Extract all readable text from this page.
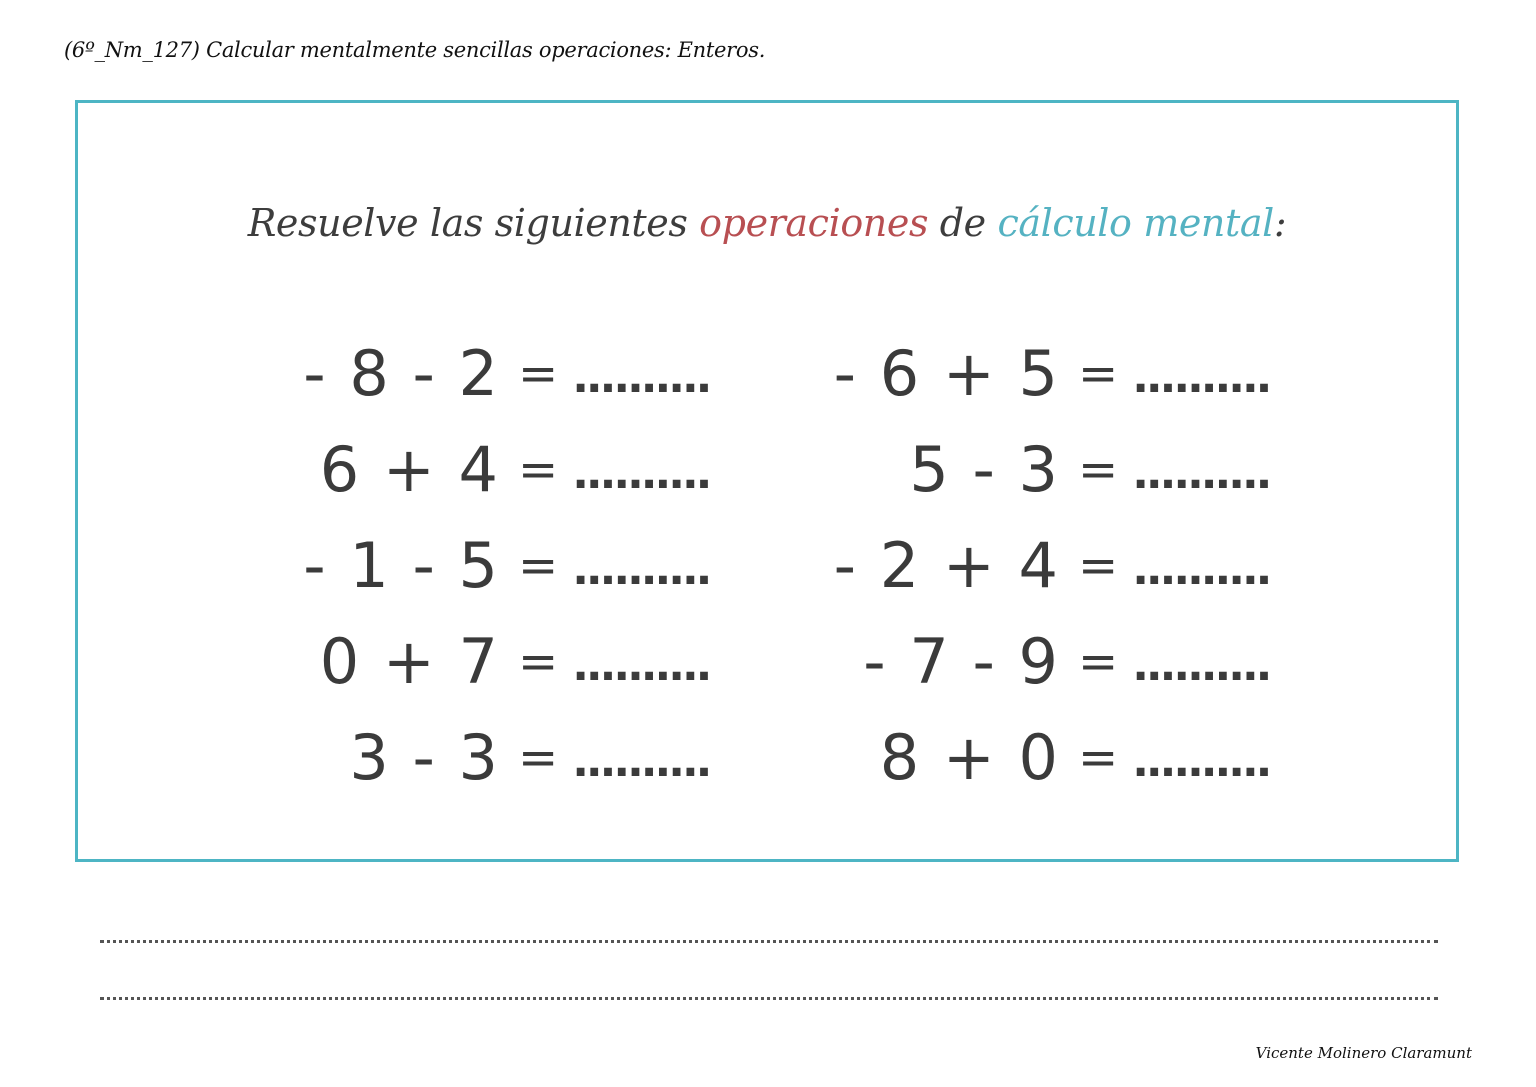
(6º_Nm_127) Calcular mentalmente sencillas operaciones: Enteros.
Resuelve las siguientes operaciones de cálculo mental:
- 8 - 2 = ..........
6 + 4 = ..........
- 1 - 5 = ..........
0 + 7 = ..........
3 - 3 = ..........
- 6 + 5 = ..........
5 - 3 = ..........
- 2 + 4 = ..........
- 7 - 9 = ..........
8 + 0 = ..........
Vicente Molinero Claramunt
